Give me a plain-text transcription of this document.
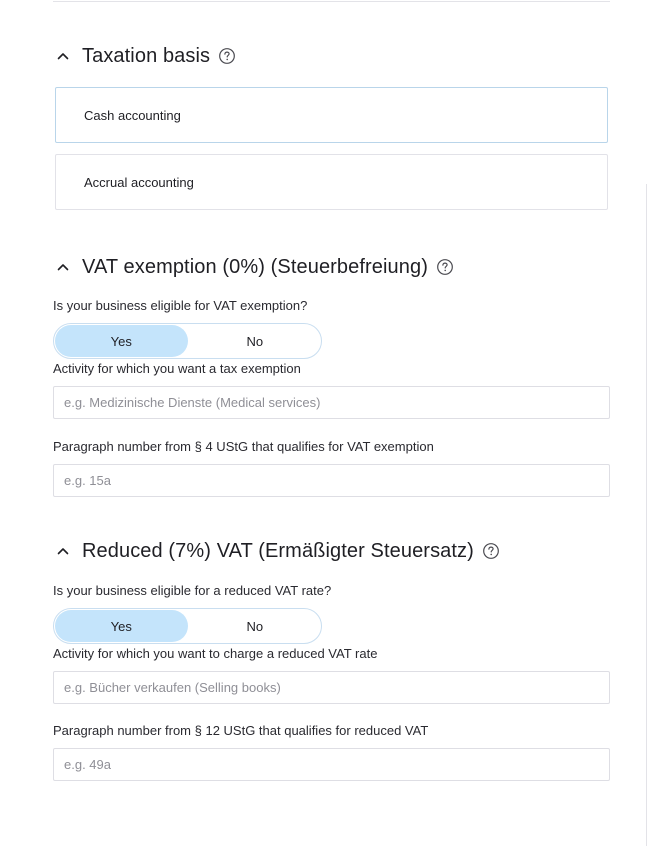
Taxation basis
Cash accounting
Accrual accounting
VAT exemption (0%) (Steuerbefreiung)
Is your business eligible for VAT exemption?
Yes	No
Activity for which you want a tax exemption
e.g. Medizinische Dienste (Medical services)
Paragraph number from § 4 UStG that qualifies for VAT exemption
e.g. 15a
Reduced (7%) VAT (Ermäßigter Steuersatz)
Is your business eligible for a reduced VAT rate?
Yes	No
Activity for which you want to charge a reduced VAT rate
e.g. Bücher verkaufen (Selling books)
Paragraph number from § 12 UStG that qualifies for reduced VAT
e.g. 49a
